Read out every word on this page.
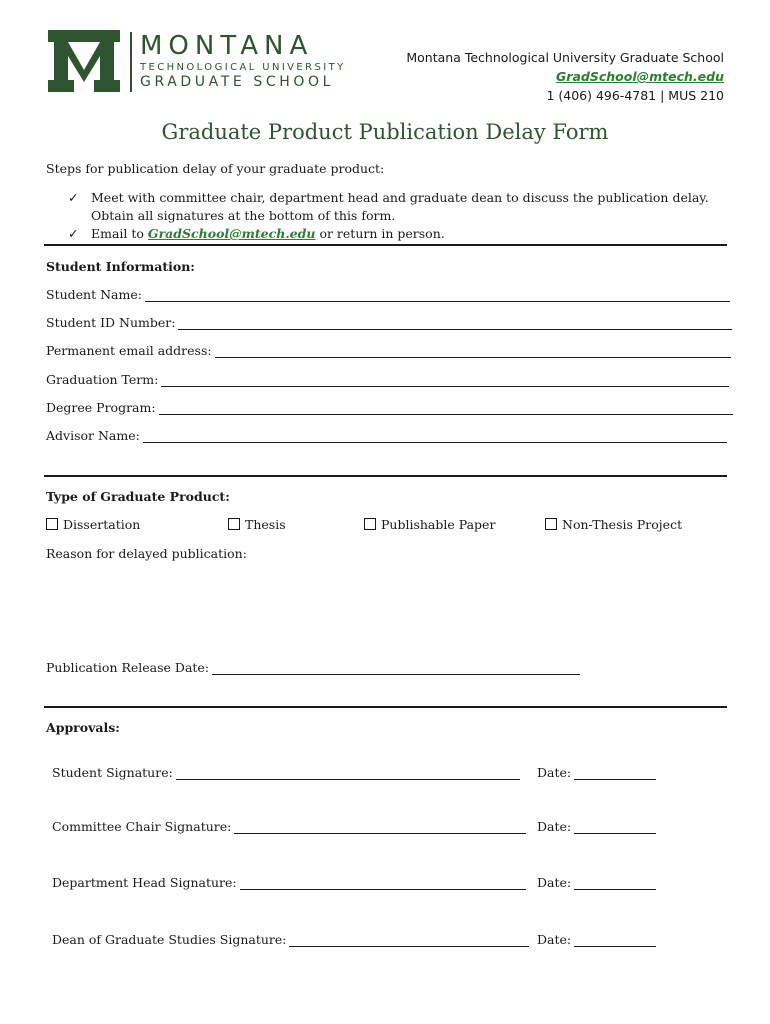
MONTANA
TECHNOLOGICAL UNIVERSITY
GRADUATE SCHOOL
Montana Technological University Graduate School
GradSchool@mtech.edu
1 (406) 496-4781 | MUS 210
Graduate Product Publication Delay Form
Steps for publication delay of your graduate product:
✓ Meet with committee chair, department head and graduate dean to discuss the publication delay. Obtain all signatures at the bottom of this form.
✓ Email to GradSchool@mtech.edu or return in person.
Student Information:
Student Name:
Student ID Number:
Permanent email address:
Graduation Term:
Degree Program:
Advisor Name:
Type of Graduate Product:
Dissertation	Thesis	Publishable Paper	Non-Thesis Project
Reason for delayed publication:
Publication Release Date:
Approvals:
Student Signature:	Date:
Committee Chair Signature:	Date:
Department Head Signature:	Date:
Dean of Graduate Studies Signature:	Date:
